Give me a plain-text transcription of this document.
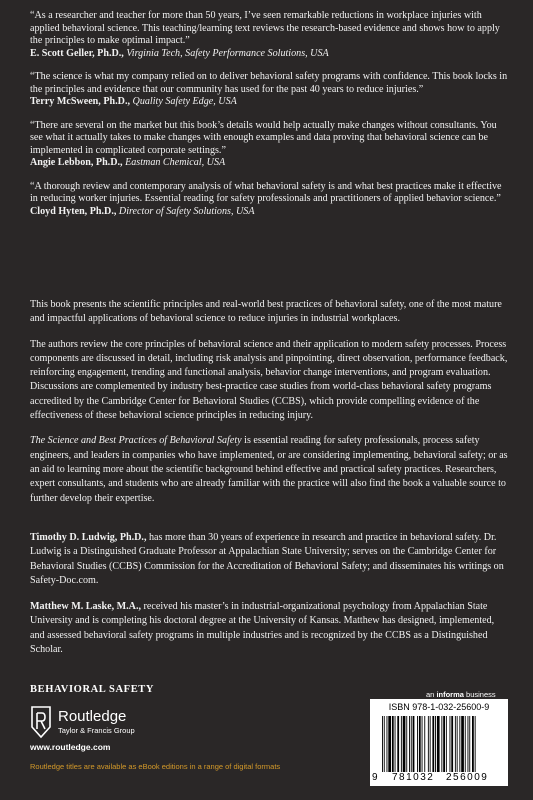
“As a researcher and teacher for more than 50 years, I’ve seen remarkable reductions in workplace injuries with applied behavioral science. This teaching/learning text reviews the research-based evidence and shows how to apply the principles to make optimal impact.”
E. Scott Geller, Ph.D., Virginia Tech, Safety Performance Solutions, USA
“The science is what my company relied on to deliver behavioral safety programs with confidence. This book locks in the principles and evidence that our community has used for the past 40 years to reduce injuries.”
Terry McSween, Ph.D., Quality Safety Edge, USA
“There are several on the market but this book’s details would help actually make changes without consultants. You see what it actually takes to make changes with enough examples and data proving that behavioral science can be implemented in complicated corporate settings.”
Angie Lebbon, Ph.D., Eastman Chemical, USA
“A thorough review and contemporary analysis of what behavioral safety is and what best practices make it effective in reducing worker injuries. Essential reading for safety professionals and practitioners of applied behavior science.”
Cloyd Hyten, Ph.D., Director of Safety Solutions, USA

This book presents the scientific principles and real-world best practices of behavioral safety, one of the most mature and impactful applications of behavioral science to reduce injuries in industrial workplaces.

The authors review the core principles of behavioral science and their application to modern safety processes. Process components are discussed in detail, including risk analysis and pinpointing, direct observation, performance feedback, reinforcing engagement, trending and functional analysis, behavior change interventions, and program evaluation. Discussions are complemented by industry best-practice case studies from world-class behavioral safety programs accredited by the Cambridge Center for Behavioral Studies (CCBS), which provide compelling evidence of the effectiveness of these behavioral science principles in reducing injury.

The Science and Best Practices of Behavioral Safety is essential reading for safety professionals, process safety engineers, and leaders in companies who have implemented, or are considering implementing, behavioral safety; or as an aid to learning more about the scientific background behind effective and practical safety practices. Researchers, expert consultants, and students who are already familiar with the practice will also find the book a valuable source to further develop their expertise.

Timothy D. Ludwig, Ph.D., has more than 30 years of experience in research and practice in behavioral safety. Dr. Ludwig is a Distinguished Graduate Professor at Appalachian State University; serves on the Cambridge Center for Behavioral Studies (CCBS) Commission for the Accreditation of Behavioral Safety; and disseminates his writings on Safety-Doc.com.

Matthew M. Laske, M.A., received his master’s in industrial-organizational psychology from Appalachian State University and is completing his doctoral degree at the University of Kansas. Matthew has designed, implemented, and assessed behavioral safety programs in multiple industries and is recognized by the CCBS as a Distinguished Scholar.

BEHAVIORAL SAFETY
Routledge
Taylor & Francis Group
www.routledge.com
Routledge titles are available as eBook editions in a range of digital formats
an informa business
ISBN 978-1-032-25600-9
9 781032 256009
